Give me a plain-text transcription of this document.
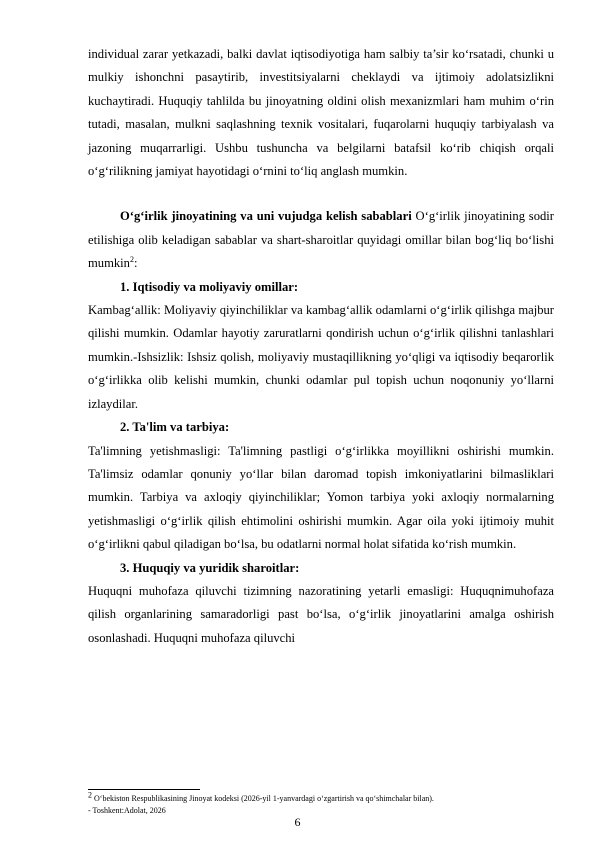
individual zarar yetkazadi, balki davlat iqtisodiyotiga ham salbiy ta’sir ko‘rsatadi, chunki u mulkiy ishonchni pasaytirib, investitsiyalarni cheklaydi va ijtimoiy adolatsizlikni kuchaytiradi. Huquqiy tahlilda bu jinoyatning oldini olish mexanizmlari ham muhim o‘rin tutadi, masalan, mulkni saqlashning texnik vositalari, fuqarolarni huquqiy tarbiyalash va jazoning muqarrarligi. Ushbu tushuncha va belgilarni batafsil ko‘rib chiqish orqali o‘g‘rilikning jamiyat hayotidagi o‘rnini to‘liq anglash mumkin.

O‘g‘irlik jinoyatining va uni vujudga kelish sabablari O‘g‘irlik jinoyatining sodir etilishiga olib keladigan sabablar va shart-sharoitlar quyidagi omillar bilan bog‘liq bo‘lishi mumkin$^2$:

1. Iqtisodiy va moliyaviy omillar:

Kambag‘allik: Moliyaviy qiyinchiliklar va kambag‘allik odamlarni o‘g‘irlik qilishga majbur qilishi mumkin. Odamlar hayotiy zaruratlarni qondirish uchun o‘g‘irlik qilishni tanlashlari mumkin.-Ishsizlik: Ishsiz qolish, moliyaviy mustaqillikning yo‘qligi va iqtisodiy beqarorlik o‘g‘irlikka olib kelishi mumkin, chunki odamlar pul topish uchun noqonuniy yo‘llarni izlaydilar.

2. Ta'lim va tarbiya:

Ta'limning yetishmasligi: Ta'limning pastligi o‘g‘irlikka moyillikni oshirishi mumkin. Ta'limsiz odamlar qonuniy yo‘llar bilan daromad topish imkoniyatlarini bilmasliklari mumkin. Tarbiya va axloqiy qiyinchiliklar; Yomon tarbiya yoki axloqiy normalarning yetishmasligi o‘g‘irlik qilish ehtimolini oshirishi mumkin. Agar oila yoki ijtimoiy muhit o‘g‘irlikni qabul qiladigan bo‘lsa, bu odatlarni normal holat sifatida ko‘rish mumkin.

3. Huquqiy va yuridik sharoitlar:

Huquqni muhofaza qiluvchi tizimning nazoratining yetarli emasligi: Huquqnimuhofaza qilish organlarining samaradorligi past bo‘lsa, o‘g‘irlik jinoyatlarini amalga oshirish osonlashadi. Huquqni muhofaza qiluvchi

$^2$ O‘bekiston Respublikasining Jinoyat kodeksi (2026-yil 1-yanvardagi o‘zgartirish va qo‘shimchalar bilan).

- Toshkent:Adolat, 2026

6
